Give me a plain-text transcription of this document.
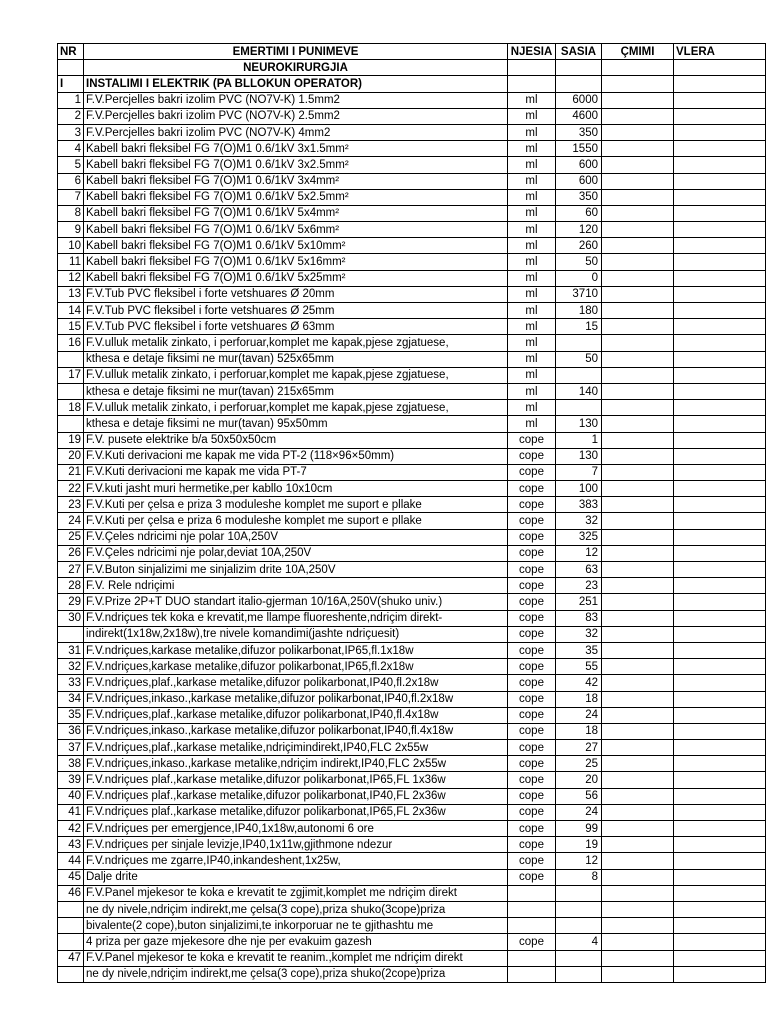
NR	EMERTIMI I PUNIMEVE	NJESIA	SASIA	ÇMIMI	VLERA
	NEUROKIRURGJIA				
I	INSTALIMI I ELEKTRIK (PA BLLOKUN OPERATOR)				
1	F.V.Percjelles bakri izolim PVC (NO7V-K) 1.5mm2	ml	6000		
2	F.V.Percjelles bakri izolim PVC (NO7V-K) 2.5mm2	ml	4600		
3	F.V.Percjelles bakri izolim PVC (NO7V-K) 4mm2	ml	350		
4	Kabell bakri fleksibel FG 7(O)M1 0.6/1kV 3x1.5mm²	ml	1550		
5	Kabell bakri fleksibel FG 7(O)M1 0.6/1kV 3x2.5mm²	ml	600		
6	Kabell bakri fleksibel FG 7(O)M1 0.6/1kV 3x4mm²	ml	600		
7	Kabell bakri fleksibel FG 7(O)M1 0.6/1kV 5x2.5mm²	ml	350		
8	Kabell bakri fleksibel FG 7(O)M1 0.6/1kV 5x4mm²	ml	60		
9	Kabell bakri fleksibel FG 7(O)M1 0.6/1kV 5x6mm²	ml	120		
10	Kabell bakri fleksibel FG 7(O)M1 0.6/1kV 5x10mm²	ml	260		
11	Kabell bakri fleksibel FG 7(O)M1 0.6/1kV 5x16mm²	ml	50		
12	Kabell bakri fleksibel FG 7(O)M1 0.6/1kV 5x25mm²	ml	0		
13	F.V.Tub PVC fleksibel i forte vetshuares Ø 20mm	ml	3710		
14	F.V.Tub PVC fleksibel i forte vetshuares Ø 25mm	ml	180		
15	F.V.Tub PVC fleksibel i forte vetshuares Ø 63mm	ml	15		
16	F.V.ulluk metalik zinkato, i perforuar,komplet me kapak,pjese zgjatuese,	ml			
	kthesa e detaje fiksimi ne mur(tavan) 525x65mm	ml	50		
17	F.V.ulluk metalik zinkato, i perforuar,komplet me kapak,pjese zgjatuese,	ml			
	kthesa e detaje fiksimi ne mur(tavan) 215x65mm	ml	140		
18	F.V.ulluk metalik zinkato, i perforuar,komplet me kapak,pjese zgjatuese,	ml			
	kthesa e detaje fiksimi ne mur(tavan) 95x50mm	ml	130		
19	F.V. pusete elektrike b/a 50x50x50cm	cope	1		
20	F.V.Kuti derivacioni me kapak me vida PT-2 (118×96×50mm)	cope	130		
21	F.V.Kuti derivacioni me kapak me vida PT-7	cope	7		
22	F.V.kuti jasht muri hermetike,per kabllo 10x10cm	cope	100		
23	F.V.Kuti per çelsa e priza 3 moduleshe komplet me suport e pllake	cope	383		
24	F.V.Kuti per çelsa e priza 6 moduleshe komplet me suport e pllake	cope	32		
25	F.V.Çeles ndricimi nje polar 10A,250V	cope	325		
26	F.V.Çeles ndricimi nje polar,deviat 10A,250V	cope	12		
27	F.V.Buton sinjalizimi me sinjalizim drite 10A,250V	cope	63		
28	F.V. Rele ndriçimi	cope	23		
29	F.V.Prize 2P+T DUO standart italio-gjerman 10/16A,250V(shuko univ.)	cope	251		
30	F.V.ndriçues tek koka e krevatit,me llampe fluoreshente,ndriçim direkt-	cope	83		
	indirekt(1x18w,2x18w),tre nivele komandimi(jashte ndriçuesit)	cope	32		
31	F.V.ndriçues,karkase metalike,difuzor polikarbonat,IP65,fl.1x18w	cope	35		
32	F.V.ndriçues,karkase metalike,difuzor polikarbonat,IP65,fl.2x18w	cope	55		
33	F.V.ndriçues,plaf.,karkase metalike,difuzor polikarbonat,IP40,fl.2x18w	cope	42		
34	F.V.ndriçues,inkaso.,karkase metalike,difuzor polikarbonat,IP40,fl.2x18w	cope	18		
35	F.V.ndriçues,plaf.,karkase metalike,difuzor polikarbonat,IP40,fl.4x18w	cope	24		
36	F.V.ndriçues,inkaso.,karkase metalike,difuzor polikarbonat,IP40,fl.4x18w	cope	18		
37	F.V.ndriçues,plaf.,karkase metalike,ndriçimindirekt,IP40,FLC 2x55w	cope	27		
38	F.V.ndriçues,inkaso.,karkase metalike,ndriçim indirekt,IP40,FLC 2x55w	cope	25		
39	F.V.ndriçues plaf.,karkase metalike,difuzor polikarbonat,IP65,FL 1x36w	cope	20		
40	F.V.ndriçues plaf.,karkase metalike,difuzor polikarbonat,IP40,FL 2x36w	cope	56		
41	F.V.ndriçues plaf.,karkase metalike,difuzor polikarbonat,IP65,FL 2x36w	cope	24		
42	F.V.ndriçues per emergjence,IP40,1x18w,autonomi 6 ore	cope	99		
43	F.V.ndriçues per sinjale levizje,IP40,1x11w,gjithmone ndezur	cope	19		
44	F.V.ndriçues me zgarre,IP40,inkandeshent,1x25w,	cope	12		
45	Dalje drite	cope	8		
46	F.V.Panel mjekesor te koka e krevatit te zgjimit,komplet me ndriçim direkt				
	ne dy nivele,ndriçim indirekt,me çelsa(3 cope),priza shuko(3cope)priza				
	bivalente(2 cope),buton sinjalizimi,te inkorporuar ne te gjithashtu me				
	4 priza per gaze mjekesore dhe nje per evakuim gazesh	cope	4		
47	F.V.Panel mjekesor te koka e krevatit te reanim.,komplet me ndriçim direkt				
	ne dy nivele,ndriçim indirekt,me çelsa(3 cope),priza shuko(2cope)priza				
